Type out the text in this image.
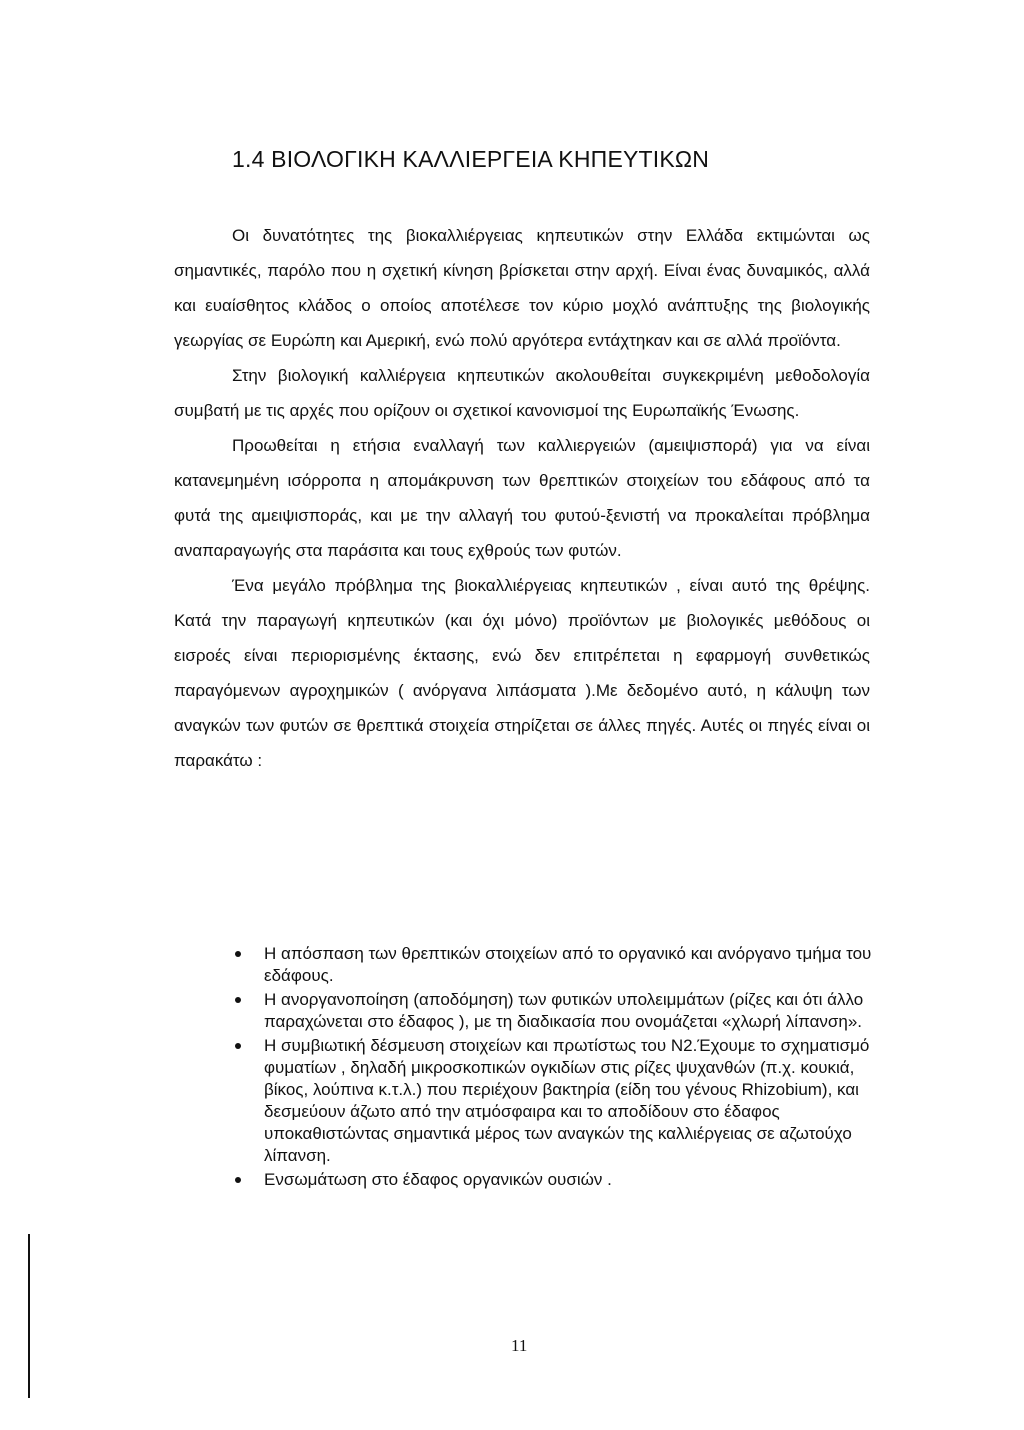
1.4 ΒΙΟΛΟΓΙΚΗ ΚΑΛΛΙΕΡΓΕΙΑ ΚΗΠΕΥΤΙΚΩΝ

Οι δυνατότητες της βιοκαλλιέργειας κηπευτικών στην Ελλάδα εκτιμώνται ως σημαντικές, παρόλο που η σχετική κίνηση βρίσκεται στην αρχή. Είναι ένας δυναμικός, αλλά και ευαίσθητος κλάδος ο οποίος αποτέλεσε τον κύριο μοχλό ανάπτυξης της βιολογικής γεωργίας σε Ευρώπη και Αμερική, ενώ πολύ αργότερα εντάχτηκαν και σε αλλά προϊόντα.

Στην βιολογική καλλιέργεια κηπευτικών ακολουθείται συγκεκριμένη μεθοδολογία συμβατή με τις αρχές που ορίζουν οι σχετικοί κανονισμοί της Ευρωπαϊκής Ένωσης.

Προωθείται η ετήσια εναλλαγή των καλλιεργειών (αμειψισπορά) για να είναι κατανεμημένη ισόρροπα η απομάκρυνση των θρεπτικών στοιχείων του εδάφους από τα φυτά της αμειψισποράς, και με την αλλαγή του φυτού-ξενιστή να προκαλείται πρόβλημα αναπαραγωγής στα παράσιτα και τους εχθρούς των φυτών.

Ένα μεγάλο πρόβλημα της βιοκαλλιέργειας κηπευτικών , είναι αυτό της θρέψης. Κατά την παραγωγή κηπευτικών (και όχι μόνο) προϊόντων με βιολογικές μεθόδους οι εισροές είναι περιορισμένης έκτασης, ενώ δεν επιτρέπεται η εφαρμογή συνθετικώς παραγόμενων αγροχημικών ( ανόργανα λιπάσματα ).Με δεδομένο αυτό, η κάλυψη των αναγκών των φυτών σε θρεπτικά στοιχεία στηρίζεται σε άλλες πηγές. Αυτές οι πηγές είναι οι παρακάτω :

Η απόσπαση των θρεπτικών στοιχείων από το οργανικό και ανόργανο τμήμα του εδάφους.
Η ανοργανοποίηση (αποδόμηση) των φυτικών υπολειμμάτων (ρίζες και ότι άλλο παραχώνεται στο έδαφος ), με τη διαδικασία που ονομάζεται «χλωρή λίπανση».
Η συμβιωτική δέσμευση στοιχείων και πρωτίστως του Ν2.Έχουμε το σχηματισμό φυματίων , δηλαδή μικροσκοπικών ογκιδίων στις ρίζες ψυχανθών (π.χ. κουκιά, βίκος, λούπινα κ.τ.λ.) που περιέχουν βακτηρία (είδη του γένους Rhizobium), και δεσμεύουν άζωτο από την ατμόσφαιρα και το αποδίδουν στο έδαφος υποκαθιστώντας σημαντικά μέρος των αναγκών της καλλιέργειας σε αζωτούχο λίπανση.
Ενσωμάτωση στο έδαφος οργανικών ουσιών .
11
